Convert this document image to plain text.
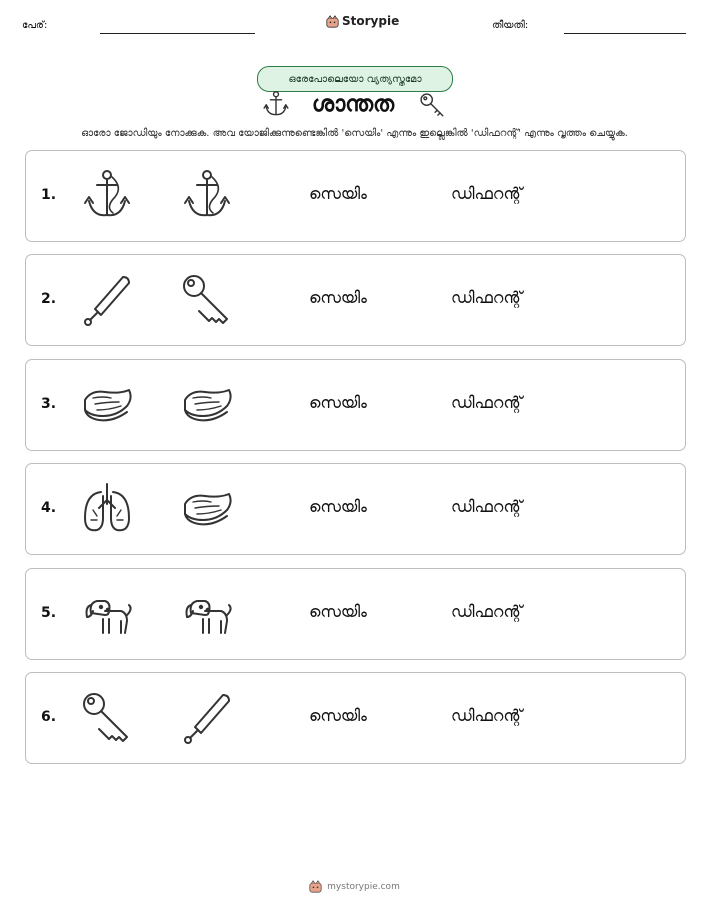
പേര്:	Storypie	തീയതി:
ഒരേപോലെയോ വ്യത്യസ്തമോ
ശാന്തത
ഓരോ ജോഡിയും നോക്കുക. അവ യോജിക്കുന്നുണ്ടെങ്കിൽ 'സെയിം' എന്നും ഇല്ലെങ്കിൽ 'ഡിഫറന്റ്' എന്നും വൃത്തം ചെയ്യുക.
1.	സെയിം	ഡിഫറന്റ്
2.	സെയിം	ഡിഫറന്റ്
3.	സെയിം	ഡിഫറന്റ്
4.	സെയിം	ഡിഫറന്റ്
5.	സെയിം	ഡിഫറന്റ്
6.	സെയിം	ഡിഫറന്റ്
mystorypie.com
